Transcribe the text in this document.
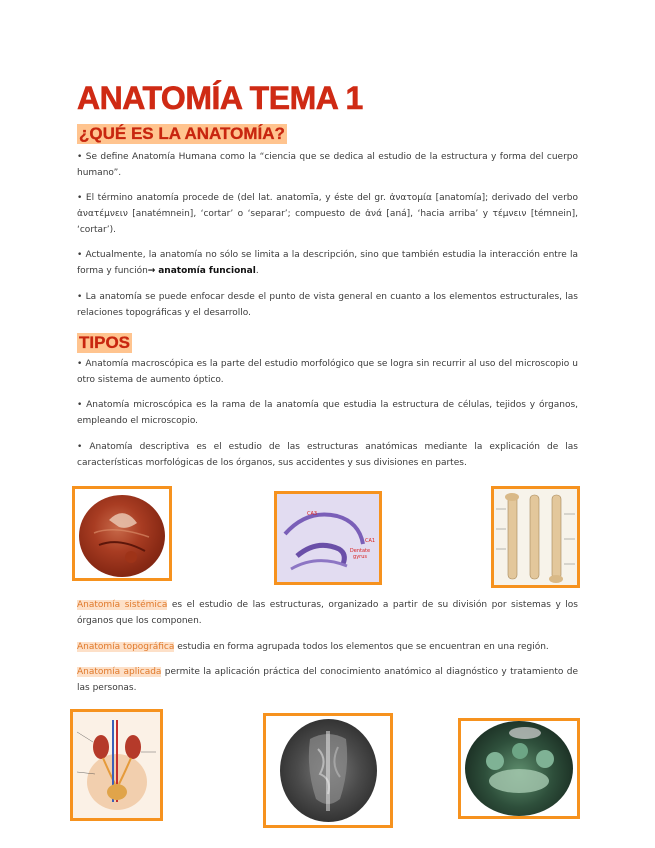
ANATOMÍA TEMA 1
¿QUÉ ES LA ANATOMÍA?
• Se define Anatomía Humana como la “ciencia que se dedica al estudio de la estructura y forma del cuerpo humano”.
• El término anatomía procede de (del lat. anatomĭa, y éste del gr. ἀνατομία [anatomía]; derivado del verbo ἀνατέμνειν [anatémnein], ‘cortar’ o ‘separar’; compuesto de ἀνά [aná], ‘hacia arriba’ y τέμνειν [témnein], ‘cortar’).
• Actualmente, la anatomía no sólo se limita a la descripción, sino que también estudia la interacción entre la forma y función→ anatomía funcional.
• La anatomía se puede enfocar desde el punto de vista general en cuanto a los elementos estructurales, las relaciones topográficas y el desarrollo.
TIPOS
• Anatomía macroscópica es la parte del estudio morfológico que se logra sin recurrir al uso del microscopio u otro sistema de aumento óptico.
• Anatomía microscópica es la rama de la anatomía que estudia la estructura de células, tejidos y órganos, empleando el microscopio.
• Anatomía descriptiva es el estudio de las estructuras anatómicas mediante la explicación de las características morfológicas de los órganos, sus accidentes y sus divisiones en partes.
CA3
CA1
Dentate gyrus
Anatomía sistémica es el estudio de las estructuras, organizado a partir de su división por sistemas y los órganos que los componen.
Anatomía topográfica estudia en forma agrupada todos los elementos que se encuentran en una región.
Anatomía aplicada permite la aplicación práctica del conocimiento anatómico al diagnóstico y tratamiento de las personas.
